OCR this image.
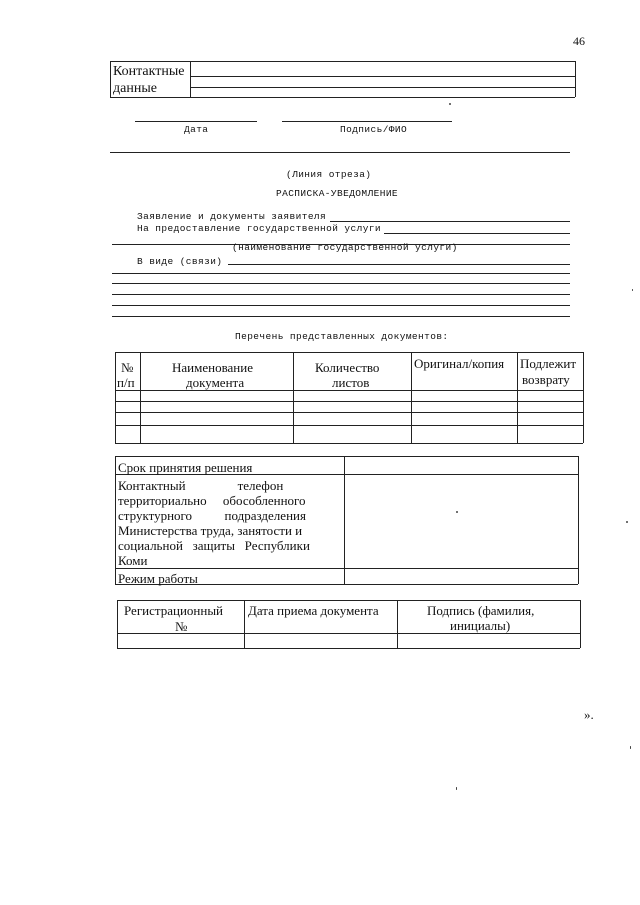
46
Контактные
данные
Дата	Подпись/ФИО
(Линия отреза)
РАСПИСКА-УВЕДОМЛЕНИЕ
Заявление и документы заявителя
На предоставление государственной услуги
(наименование государственной услуги)
В виде (связи)
Перечень представленных документов:
№
п/п
Наименование
документа
Количество
листов
Оригинал/копия Подлежит
возврату
Срок принятия решения
Контактный                телефон
территориально     обособленного
структурного          подразделения
Министерства труда, занятости и
социальной   защиты   Республики
Коми
Режим работы
Регистрационный
№
Дата приема документа	Подпись (фамилия,
инициалы)
».
